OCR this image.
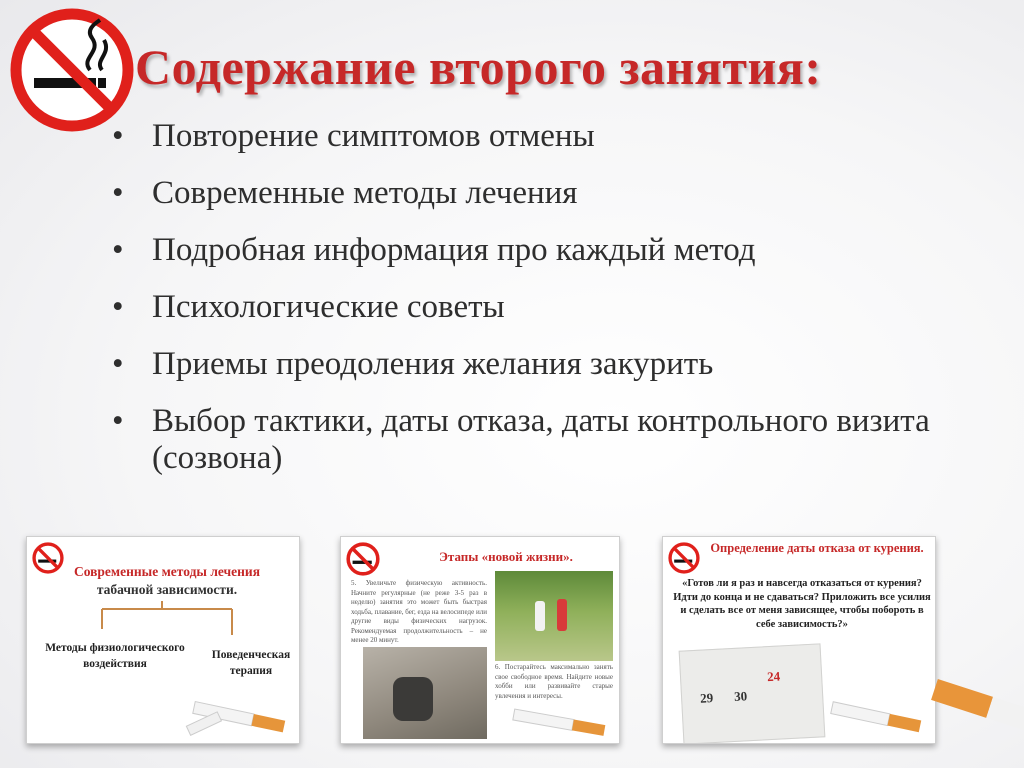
Содержание второго занятия:
• Повторение симптомов отмены
• Современные методы лечения
• Подробная информация про каждый метод
• Психологические советы
• Приемы преодоления желания закурить
• Выбор тактики, даты отказа, даты контрольного визита (созвона)
Современные методы лечения
табачной зависимости.
Методы физиологического воздействия
Поведенческая терапия
Этапы «новой жизни».
5. Увеличьте физическую активность. Начните регулярные (не реже 3-5 раз в неделю) занятия это может быть быстрая ходьба, плавание, бег, езда на велосипеде или другие виды физических нагрузок. Рекомендуемая продолжительность – не менее 20 минут.
6. Постарайтесь максимально занять свое свободное время. Найдите новые хобби или развивайте старые увлечения и интересы.
Определение даты отказа от курения.
«Готов ли я раз и навсегда отказаться от курения? Идти до конца и не сдаваться? Приложить все усилия и сделать все от меня зависящее, чтобы побороть в себе зависимость?»
29 30
24
